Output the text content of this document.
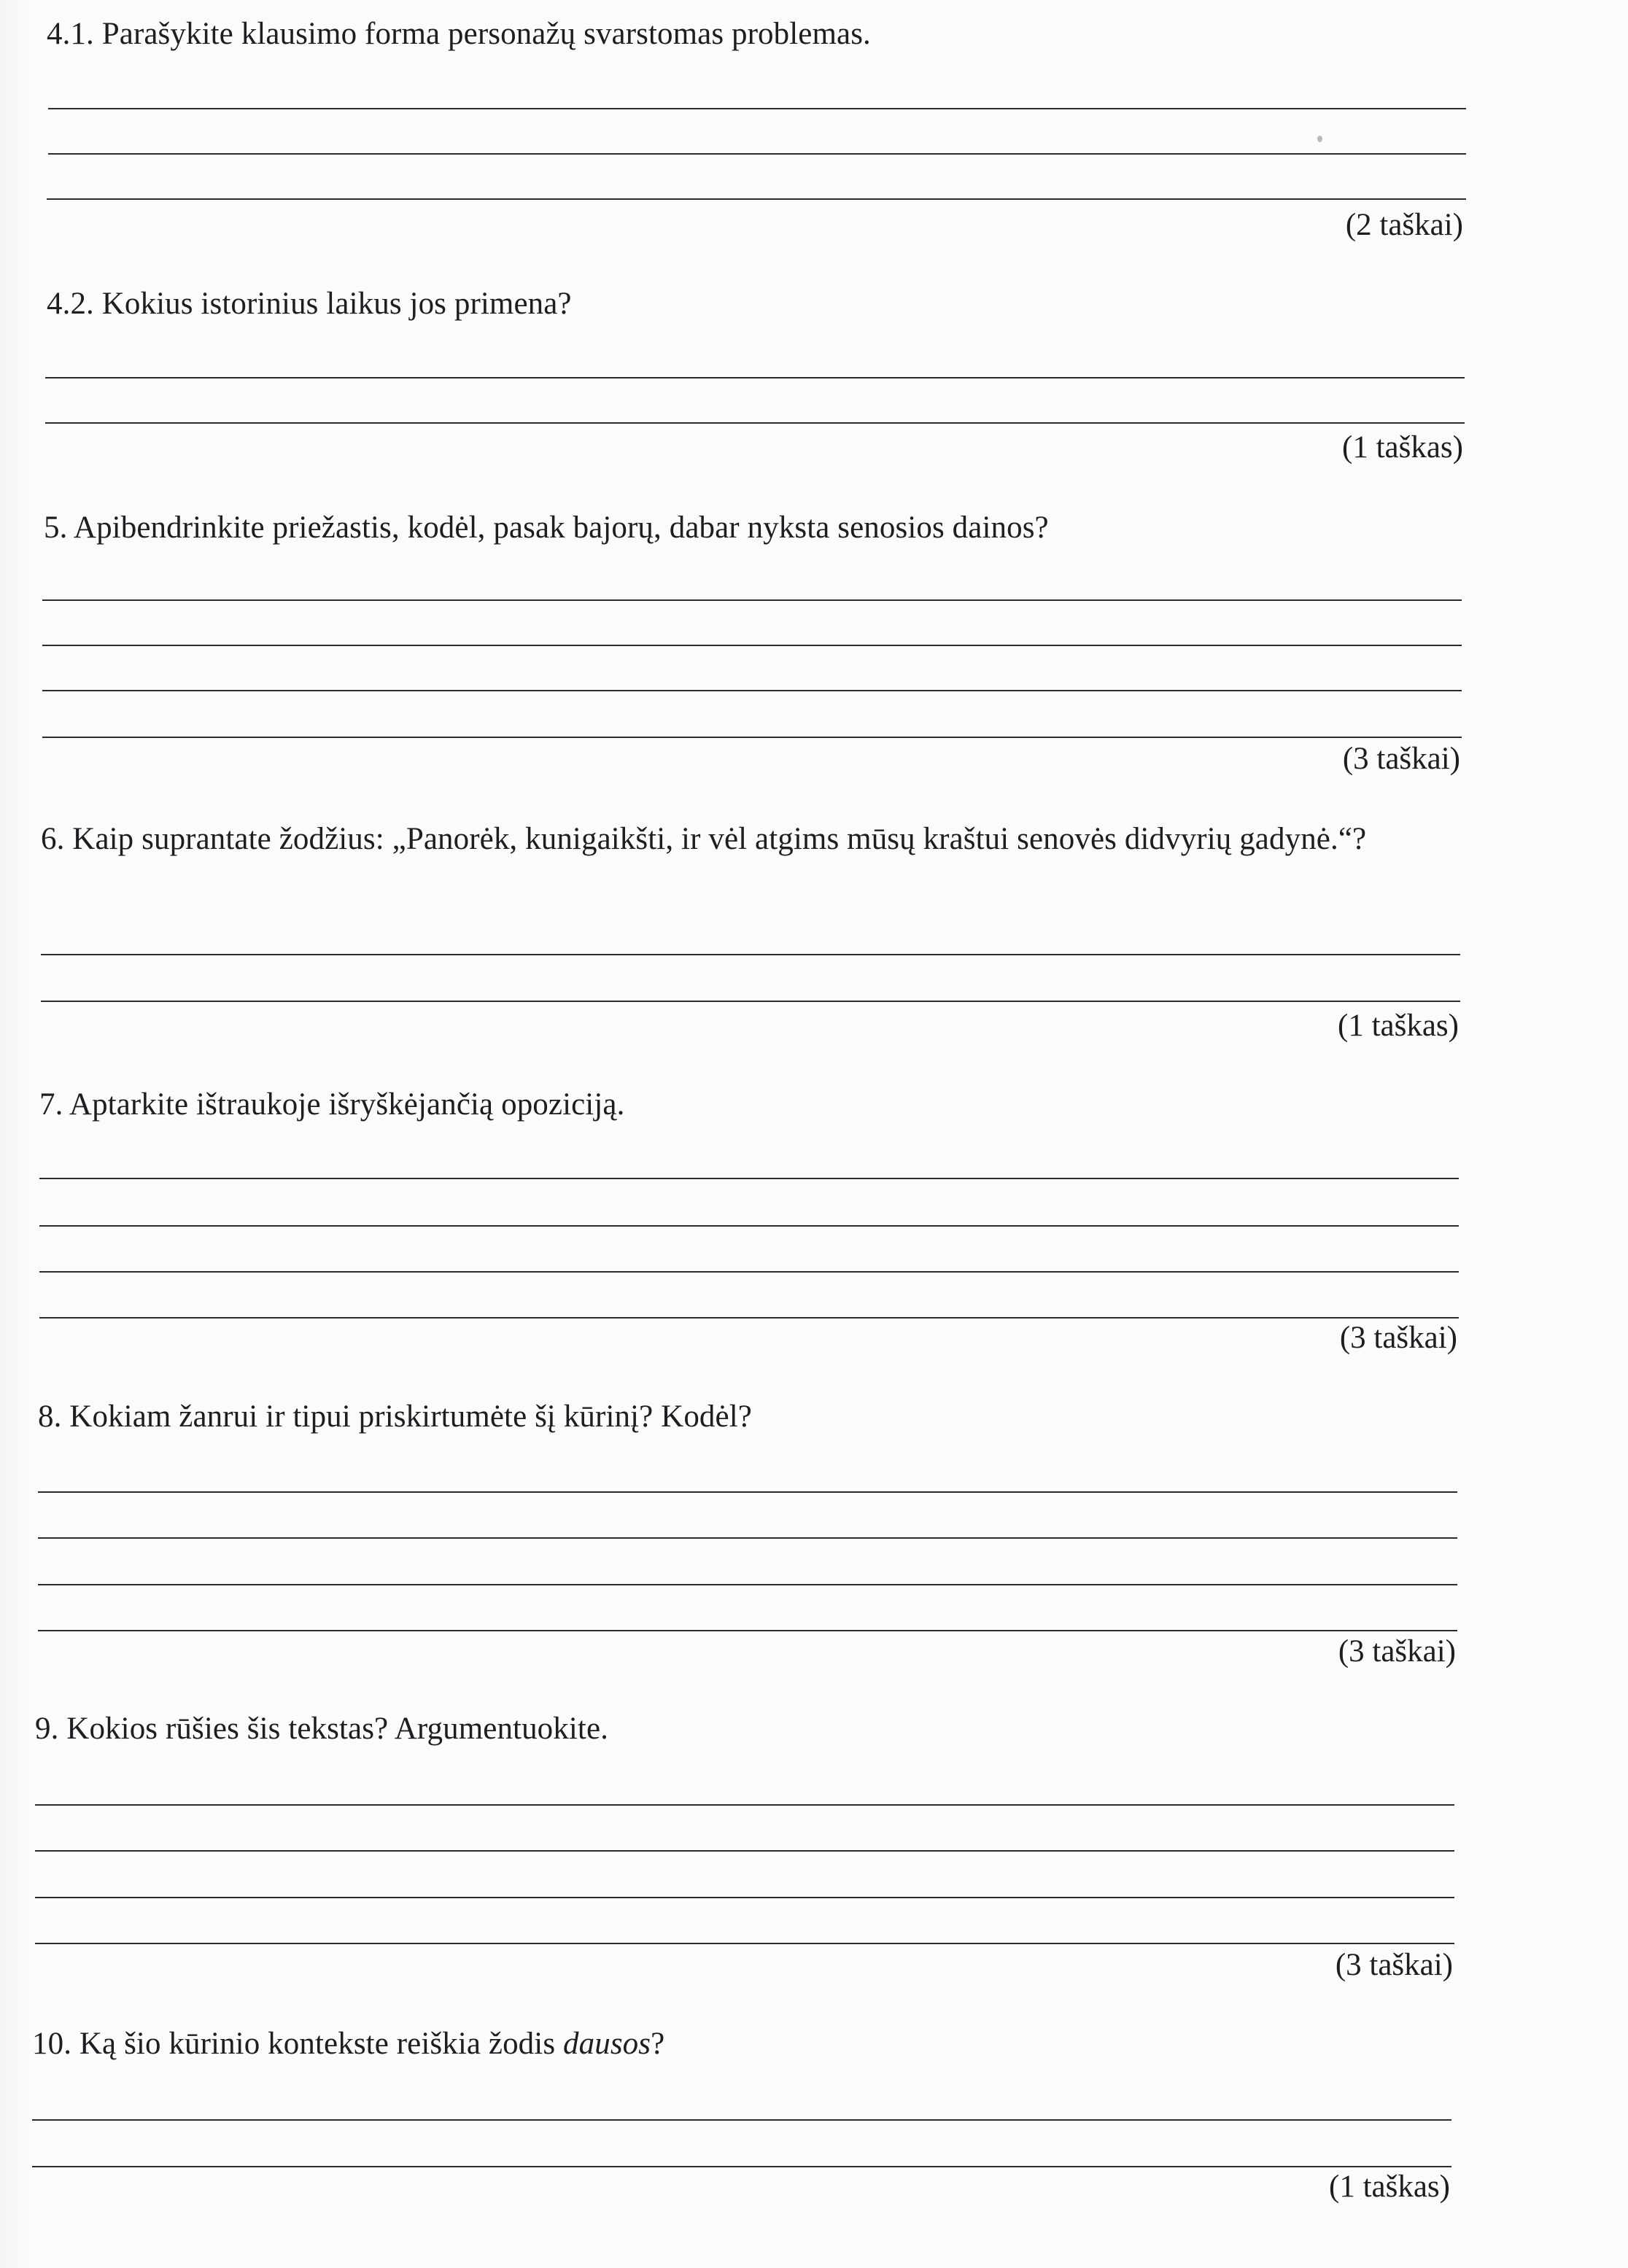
4.1. Parašykite klausimo forma personažų svarstomas problemas.
(2 taškai)
4.2. Kokius istorinius laikus jos primena?
(1 taškas)
5. Apibendrinkite priežastis, kodėl, pasak bajorų, dabar nyksta senosios dainos?
(3 taškai)
6. Kaip suprantate žodžius: „Panorėk, kunigaikšti, ir vėl atgims mūsų kraštui senovės didvyrių gadynė.“?
(1 taškas)
7. Aptarkite ištraukoje išryškėjančią opoziciją.
(3 taškai)
8. Kokiam žanrui ir tipui priskirtumėte šį kūrinį? Kodėl?
(3 taškai)
9. Kokios rūšies šis tekstas? Argumentuokite.
(3 taškai)
10. Ką šio kūrinio kontekste reiškia žodis dausos?
(1 taškas)
